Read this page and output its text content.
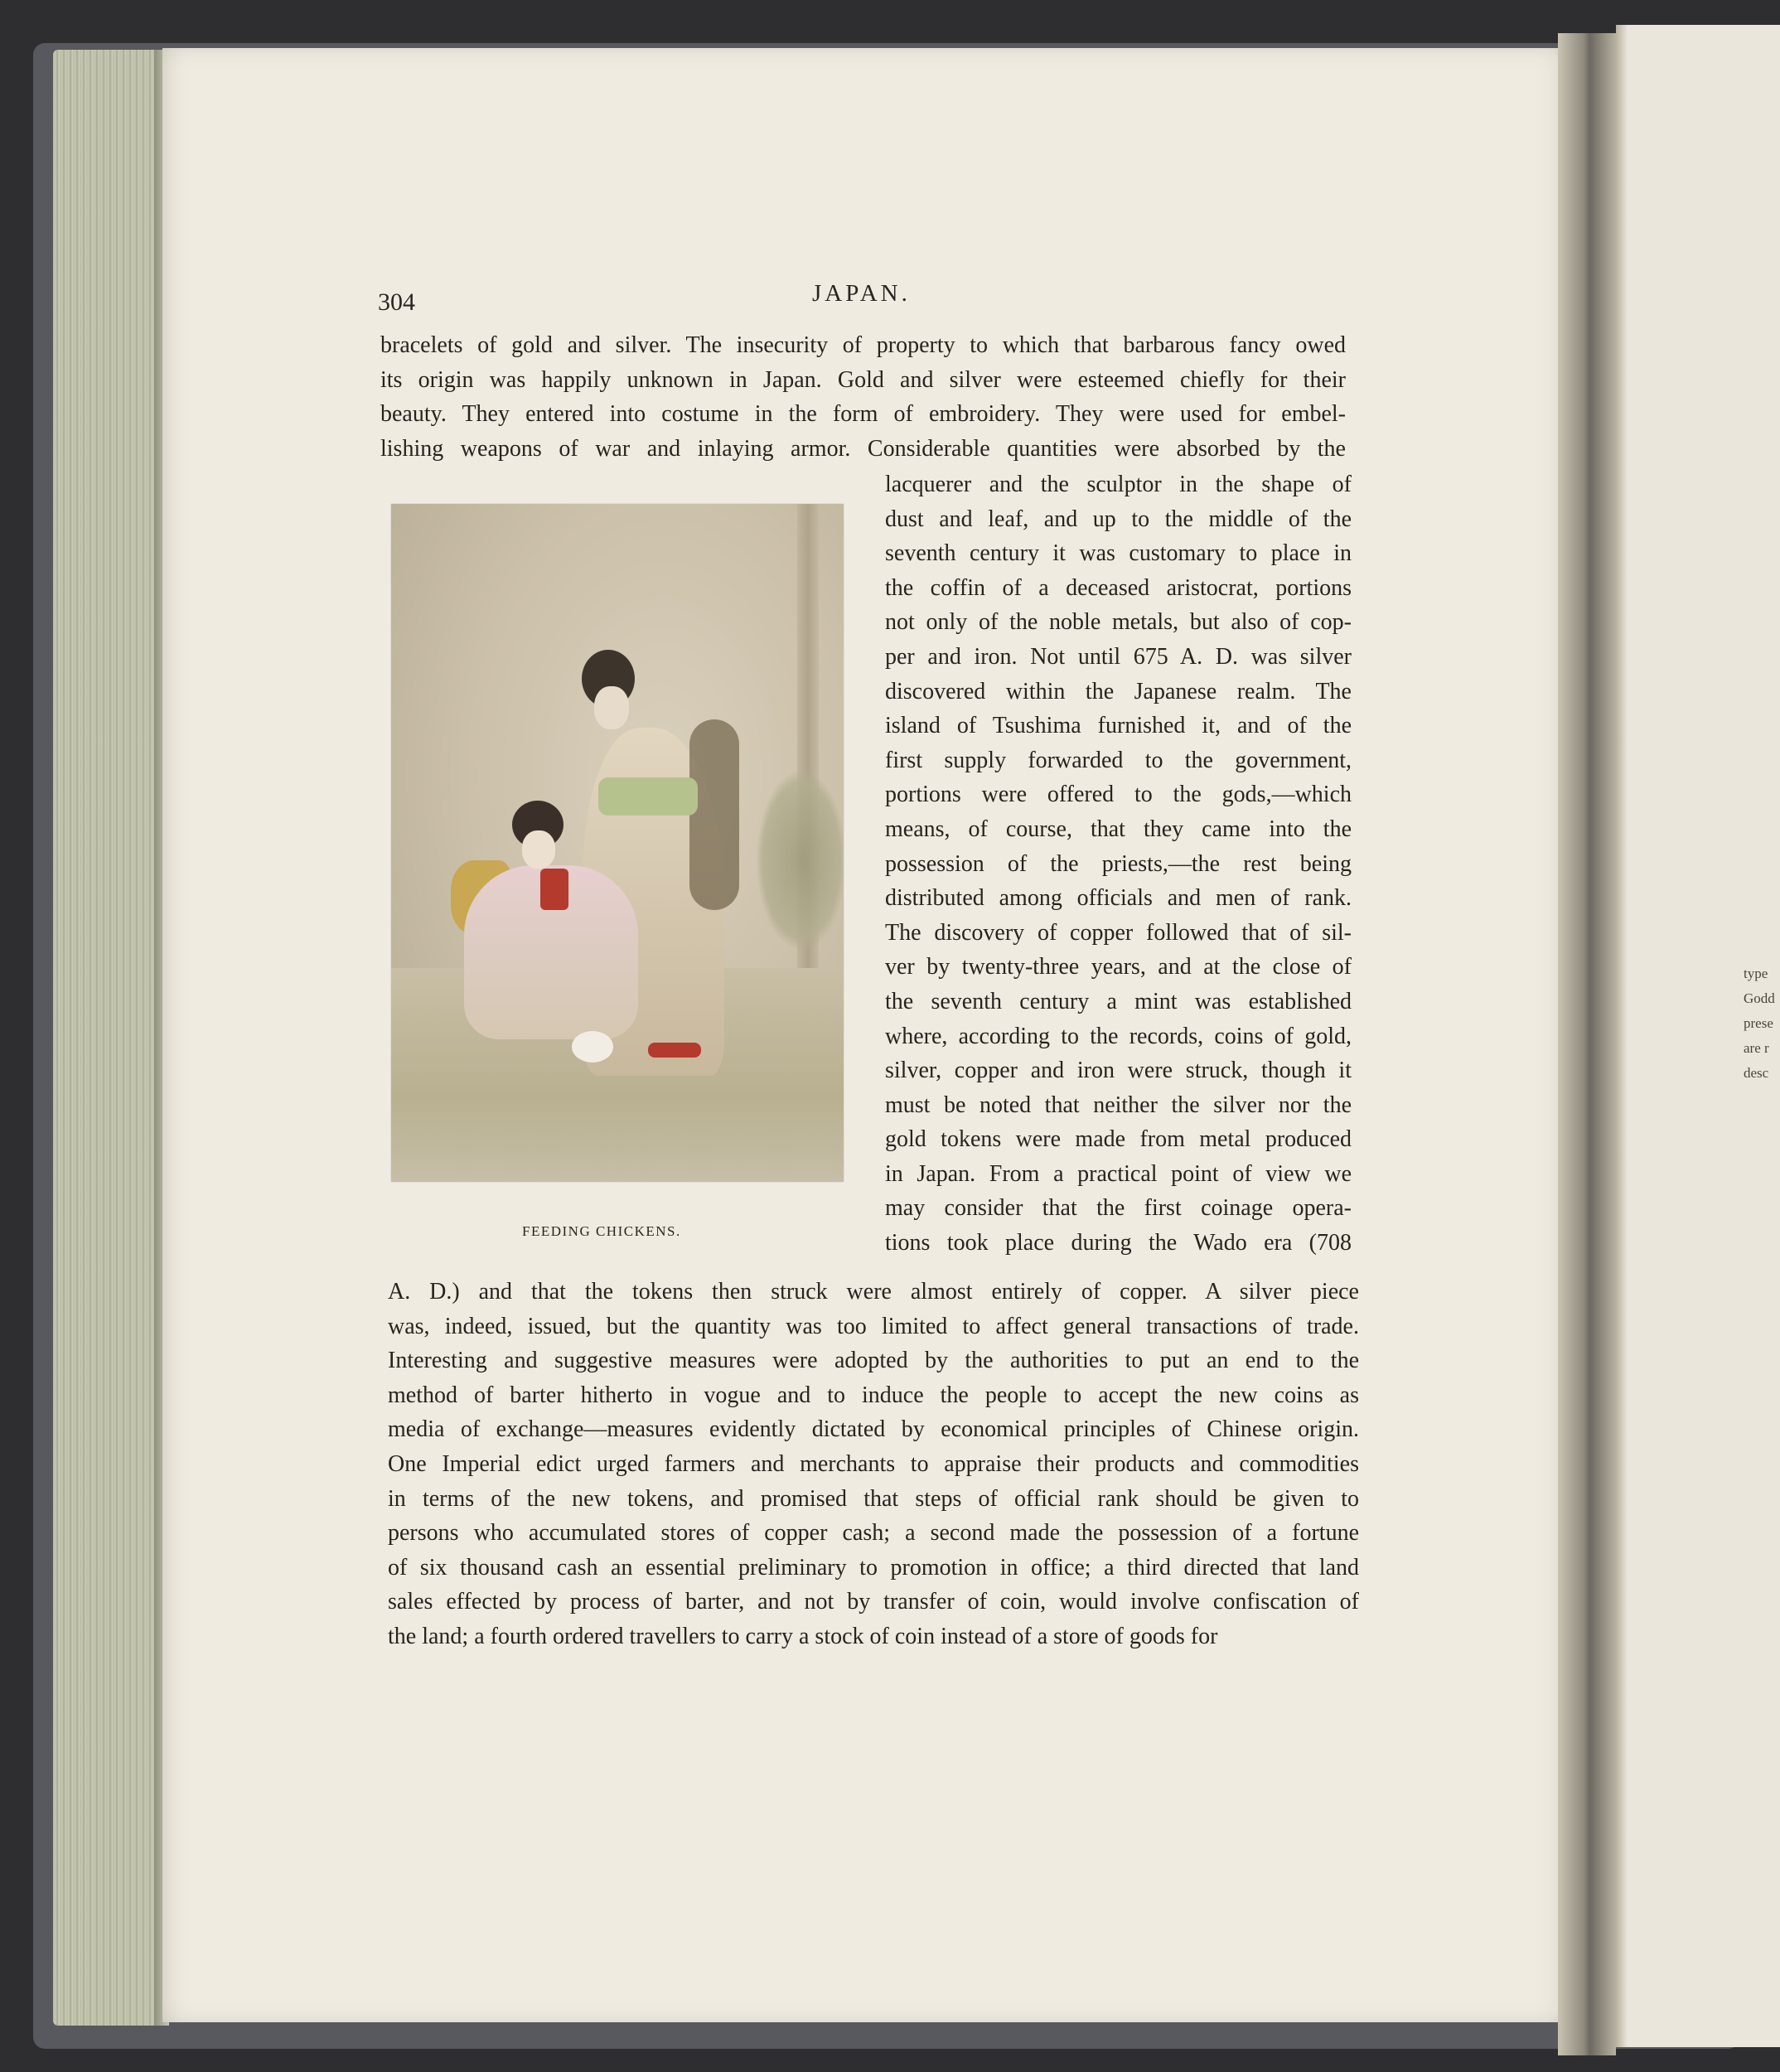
type
Godd
prese
are r
desc
304	JAPAN.
bracelets of gold and silver. The insecurity of property to which that barbarous fancy owed
its origin was happily unknown in Japan. Gold and silver were esteemed chiefly for their
beauty. They entered into costume in the form of embroidery. They were used for embel-
lishing weapons of war and inlaying armor. Considerable quantities were absorbed by the
FEEDING CHICKENS.
lacquerer and the sculptor in the shape of
dust and leaf, and up to the middle of the
seventh century it was customary to place in
the coffin of a deceased aristocrat, portions
not only of the noble metals, but also of cop-
per and iron. Not until 675 A. D. was silver
discovered within the Japanese realm. The
island of Tsushima furnished it, and of the
first supply forwarded to the government,
portions were offered to the gods,—which
means, of course, that they came into the
possession of the priests,—the rest being
distributed among officials and men of rank.
The discovery of copper followed that of sil-
ver by twenty-three years, and at the close of
the seventh century a mint was established
where, according to the records, coins of gold,
silver, copper and iron were struck, though it
must be noted that neither the silver nor the
gold tokens were made from metal produced
in Japan. From a practical point of view we
may consider that the first coinage opera-
tions took place during the Wado era (708
A. D.) and that the tokens then struck were almost entirely of copper. A silver piece
was, indeed, issued, but the quantity was too limited to affect general transactions of trade.
Interesting and suggestive measures were adopted by the authorities to put an end to the
method of barter hitherto in vogue and to induce the people to accept the new coins as
media of exchange—measures evidently dictated by economical principles of Chinese origin.
One Imperial edict urged farmers and merchants to appraise their products and commodities
in terms of the new tokens, and promised that steps of official rank should be given to
persons who accumulated stores of copper cash; a second made the possession of a fortune
of six thousand cash an essential preliminary to promotion in office; a third directed that land
sales effected by process of barter, and not by transfer of coin, would involve confiscation of
the land; a fourth ordered travellers to carry a stock of coin instead of a store of goods for
